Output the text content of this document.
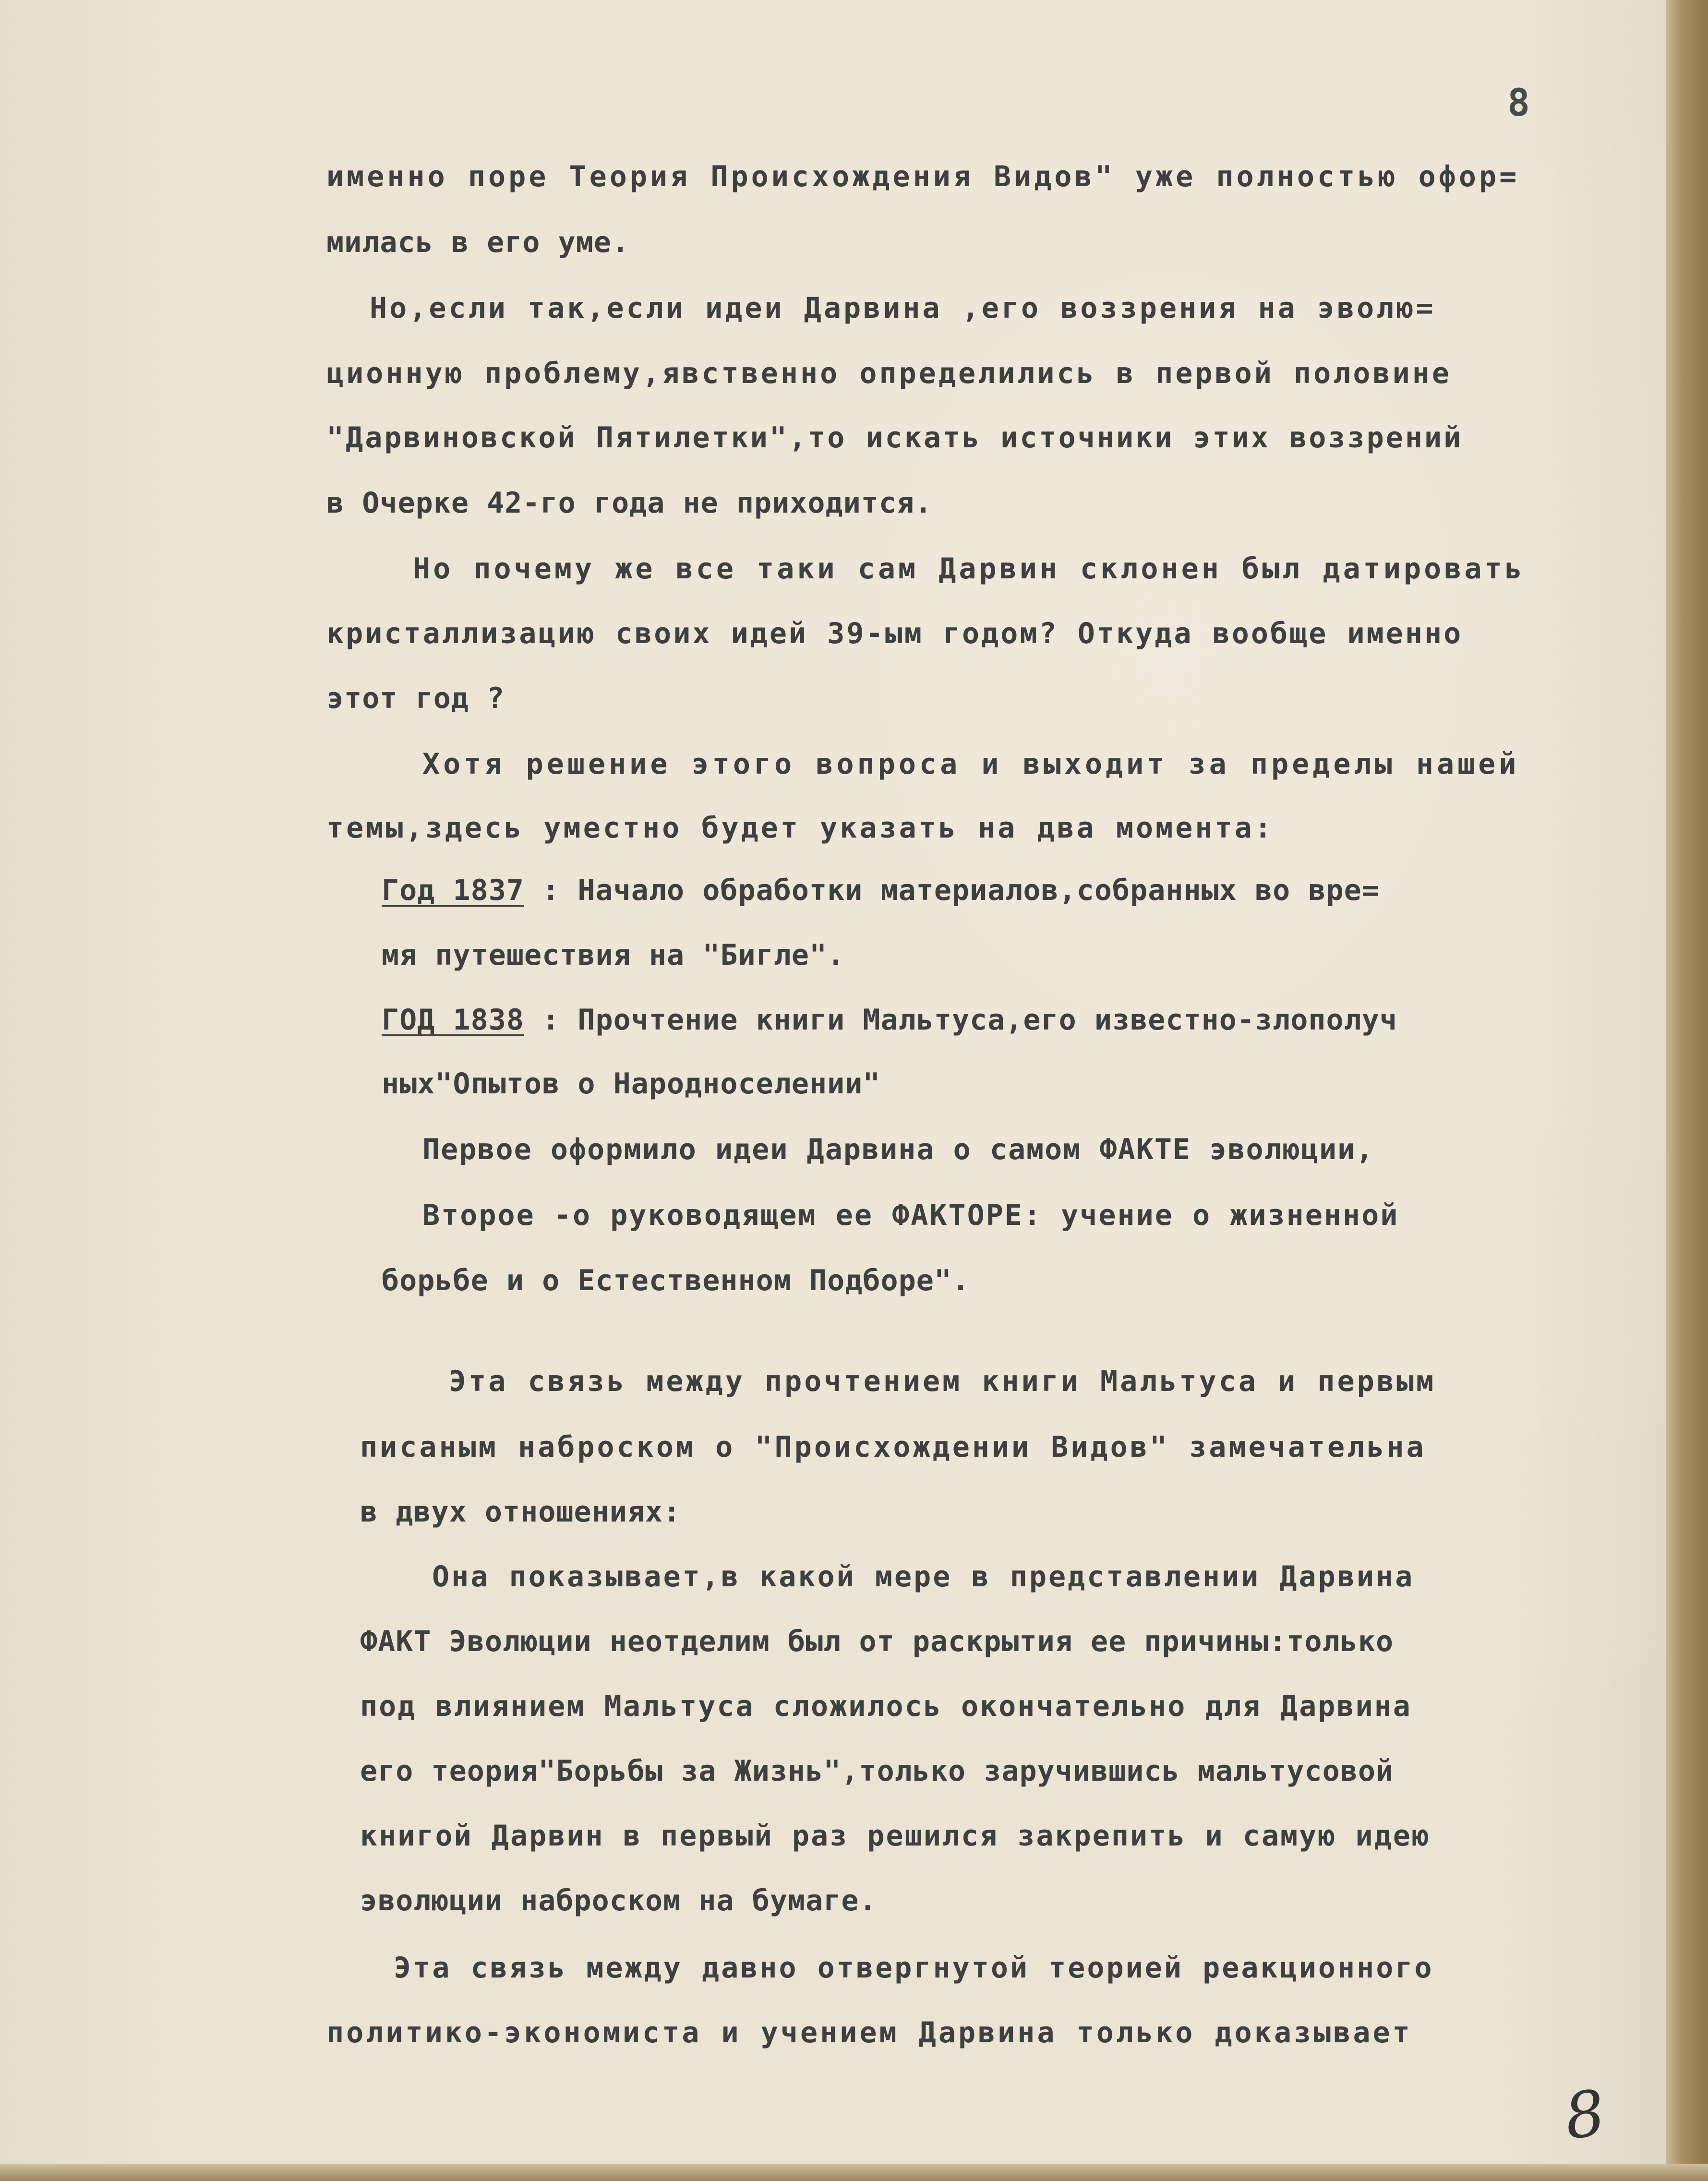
8
именно поре Теория Происхождения Видов" уже полностью офор=
милась в его уме.
Но,если так,если идеи Дарвина ,его воззрения на эволю=
ционную проблему,явственно определились в первой половине
"Дарвиновской Пятилетки",то искать источники этих воззрений
в Очерке 42-го года не приходится.
Но почему же все таки сам Дарвин склонен был датировать
кристаллизацию своих идей 39-ым годом? Откуда вообще именно
этот год ?
Хотя решение этого вопроса и выходит за пределы нашей
темы,здесь уместно будет указать на два момента:
Год 1837 : Начало обработки материалов,собранных во вре=
мя путешествия на "Бигле".
ГОД 1838 : Прочтение книги Мальтуса,его известно-злополуч
ных"Опытов о Народноселении"
Первое оформило идеи Дарвина о самом ФАКТЕ эволюции,
Второе -о руководящем ее ФАКТОРЕ: учение о жизненной
борьбе и о Естественном Подборе".
Эта связь между прочтением книги Мальтуса и первым
писаным наброском о "Происхождении Видов" замечательна
в двух отношениях:
Она показывает,в какой мере в представлении Дарвина
ФАКТ Эволюции неотделим был от раскрытия ее причины:только
под влиянием Мальтуса сложилось окончательно для Дарвина
его теория"Борьбы за Жизнь",только заручившись мальтусовой
книгой Дарвин в первый раз решился закрепить и самую идею
эволюции наброском на бумаге.
Эта связь между давно отвергнутой теорией реакционного
политико-экономиста и учением Дарвина только доказывает
8
